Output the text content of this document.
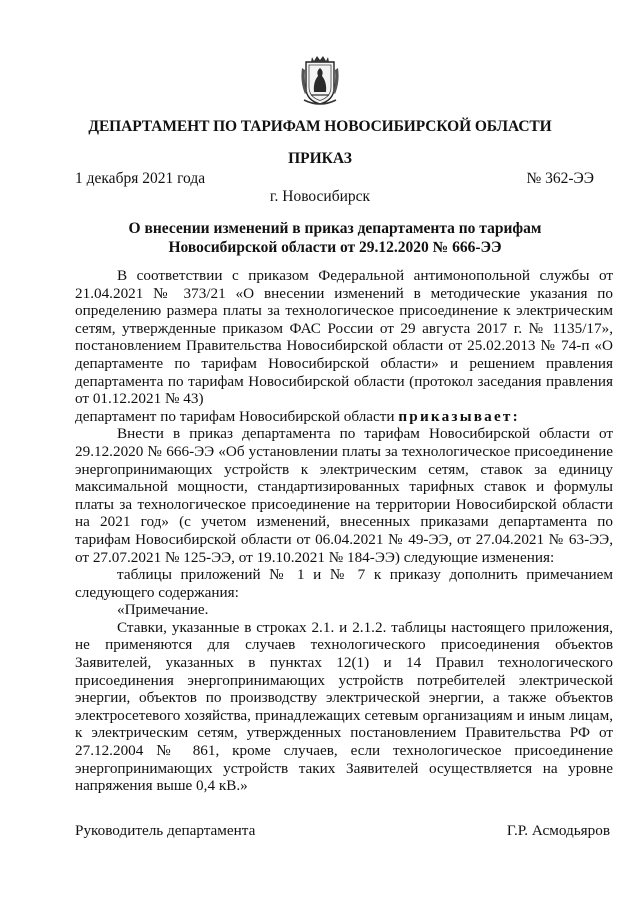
ДЕПАРТАМЕНТ ПО ТАРИФАМ НОВОСИБИРСКОЙ ОБЛАСТИ
ПРИКАЗ
1 декабря 2021 года	№ 362-ЭЭ
г. Новосибирск
О внесении изменений в приказ департамента по тарифам Новосибирской области от 29.12.2020 № 666-ЭЭ

В соответствии с приказом Федеральной антимонопольной службы от 21.04.2021 № 373/21 «О внесении изменений в методические указания по определению размера платы за технологическое присоединение к электрическим сетям, утвержденные приказом ФАС России от 29 августа 2017 г. № 1135/17», постановлением Правительства Новосибирской области от 25.02.2013 № 74-п «О департаменте по тарифам Новосибирской области» и решением правления департамента по тарифам Новосибирской области (протокол заседания правления от 01.12.2021 № 43)

департамент по тарифам Новосибирской области приказывает:

Внести в приказ департамента по тарифам Новосибирской области от 29.12.2020 № 666-ЭЭ «Об установлении платы за технологическое присоединение энергопринимающих устройств к электрическим сетям, ставок за единицу максимальной мощности, стандартизированных тарифных ставок и формулы платы за технологическое присоединение на территории Новосибирской области на 2021 год» (с учетом изменений, внесенных приказами департамента по тарифам Новосибирской области от 06.04.2021 № 49-ЭЭ, от 27.04.2021 № 63-ЭЭ, от 27.07.2021 № 125-ЭЭ, от 19.10.2021 № 184-ЭЭ) следующие изменения:

таблицы приложений № 1 и № 7 к приказу дополнить примечанием следующего содержания:

«Примечание.

Ставки, указанные в строках 2.1. и 2.1.2. таблицы настоящего приложения, не применяются для случаев технологического присоединения объектов Заявителей, указанных в пунктах 12(1) и 14 Правил технологического присоединения энергопринимающих устройств потребителей электрической энергии, объектов по производству электрической энергии, а также объектов электросетевого хозяйства, принадлежащих сетевым организациям и иным лицам, к электрическим сетям, утвержденных постановлением Правительства РФ от 27.12.2004 № 861, кроме случаев, если технологическое присоединение энергопринимающих устройств таких Заявителей осуществляется на уровне напряжения выше 0,4 кВ.»

Руководитель департамента	Г.Р. Асмодьяров
